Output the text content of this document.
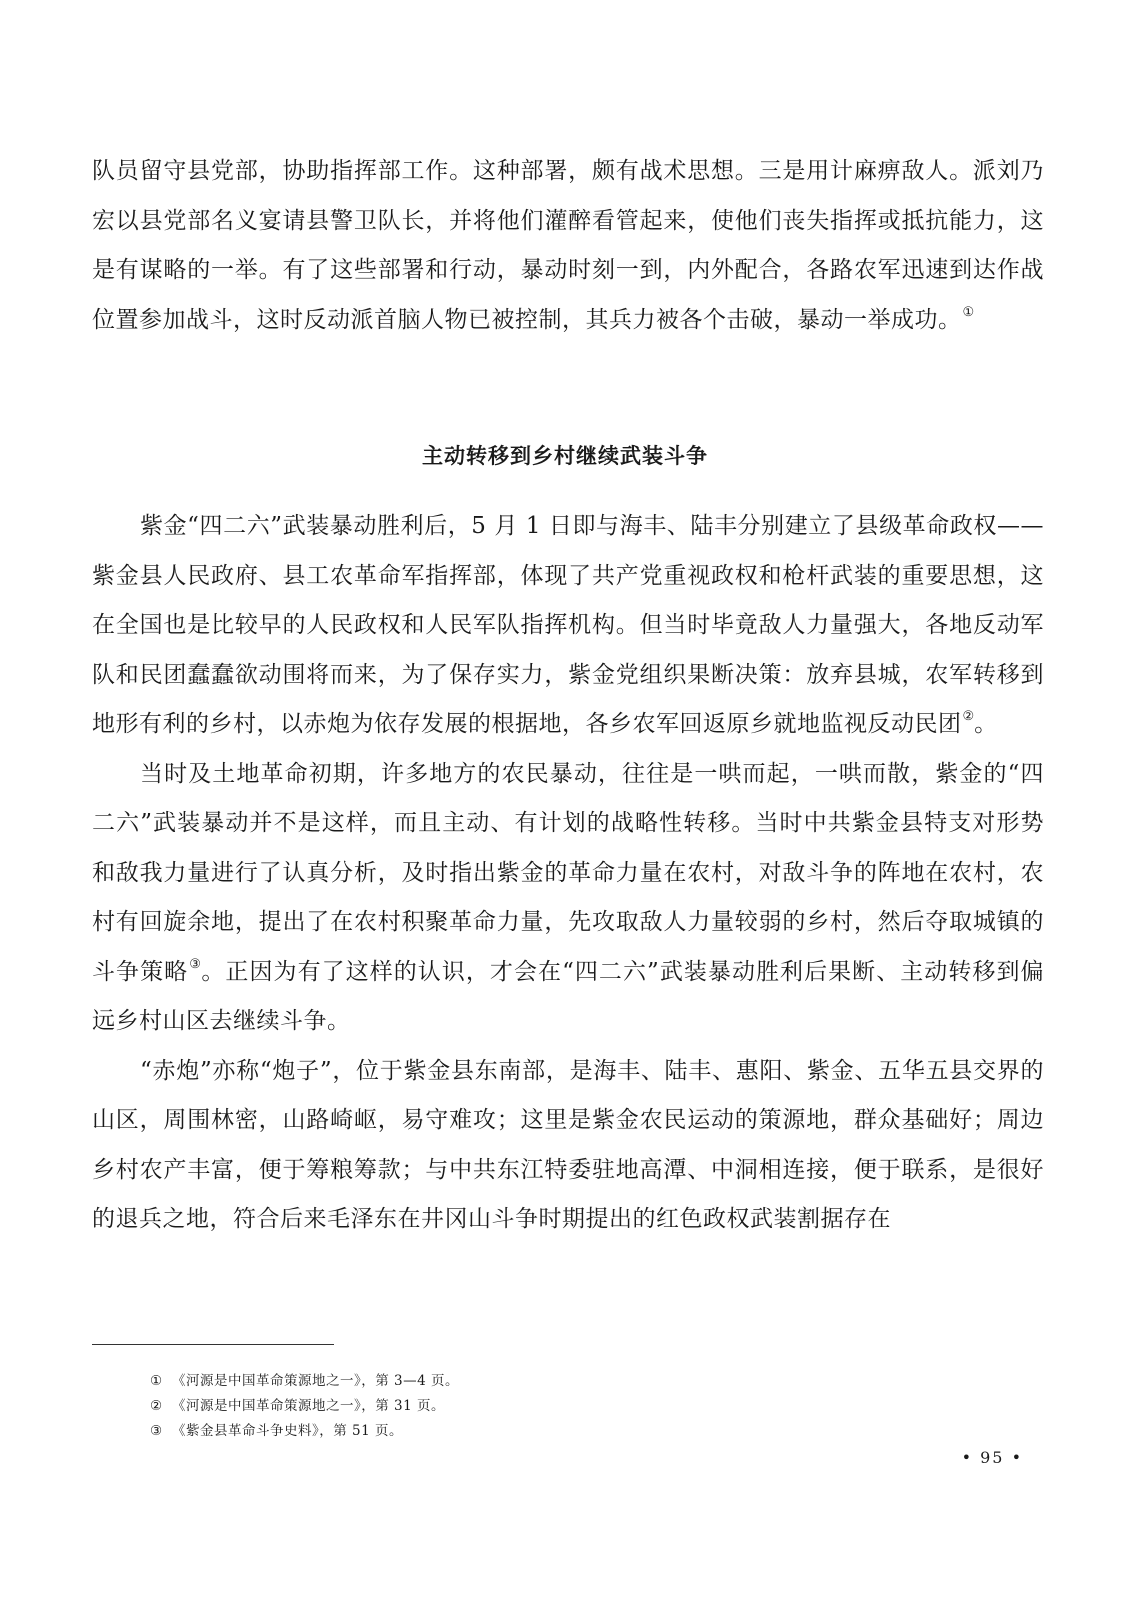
队员留守县党部，协助指挥部工作。这种部署，颇有战术思想。三是用计麻痹敌人。派刘乃宏以县党部名义宴请县警卫队长，并将他们灌醉看管起来，使他们丧失指挥或抵抗能力，这是有谋略的一举。有了这些部署和行动，暴动时刻一到，内外配合，各路农军迅速到达作战位置参加战斗，这时反动派首脑人物已被控制，其兵力被各个击破，暴动一举成功。①

主动转移到乡村继续武装斗争

紫金“四二六”武装暴动胜利后，5 月 1 日即与海丰、陆丰分别建立了县级革命政权——紫金县人民政府、县工农革命军指挥部，体现了共产党重视政权和枪杆武装的重要思想，这在全国也是比较早的人民政权和人民军队指挥机构。但当时毕竟敌人力量强大，各地反动军队和民团蠢蠢欲动围将而来，为了保存实力，紫金党组织果断决策：放弃县城，农军转移到地形有利的乡村，以赤炮为依存发展的根据地，各乡农军回返原乡就地监视反动民团②。

当时及土地革命初期，许多地方的农民暴动，往往是一哄而起，一哄而散，紫金的“四二六”武装暴动并不是这样，而且主动、有计划的战略性转移。当时中共紫金县特支对形势和敌我力量进行了认真分析，及时指出紫金的革命力量在农村，对敌斗争的阵地在农村，农村有回旋余地，提出了在农村积聚革命力量，先攻取敌人力量较弱的乡村，然后夺取城镇的斗争策略③。正因为有了这样的认识，才会在“四二六”武装暴动胜利后果断、主动转移到偏远乡村山区去继续斗争。

“赤炮”亦称“炮子”，位于紫金县东南部，是海丰、陆丰、惠阳、紫金、五华五县交界的山区，周围林密，山路崎岖，易守难攻；这里是紫金农民运动的策源地，群众基础好；周边乡村农产丰富，便于筹粮筹款；与中共东江特委驻地高潭、中洞相连接，便于联系，是很好的退兵之地，符合后来毛泽东在井冈山斗争时期提出的红色政权武装割据存在

① 《河源是中国革命策源地之一》，第 3—4 页。

② 《河源是中国革命策源地之一》，第 31 页。

③ 《紫金县革命斗争史料》，第 51 页。

• 95 •
